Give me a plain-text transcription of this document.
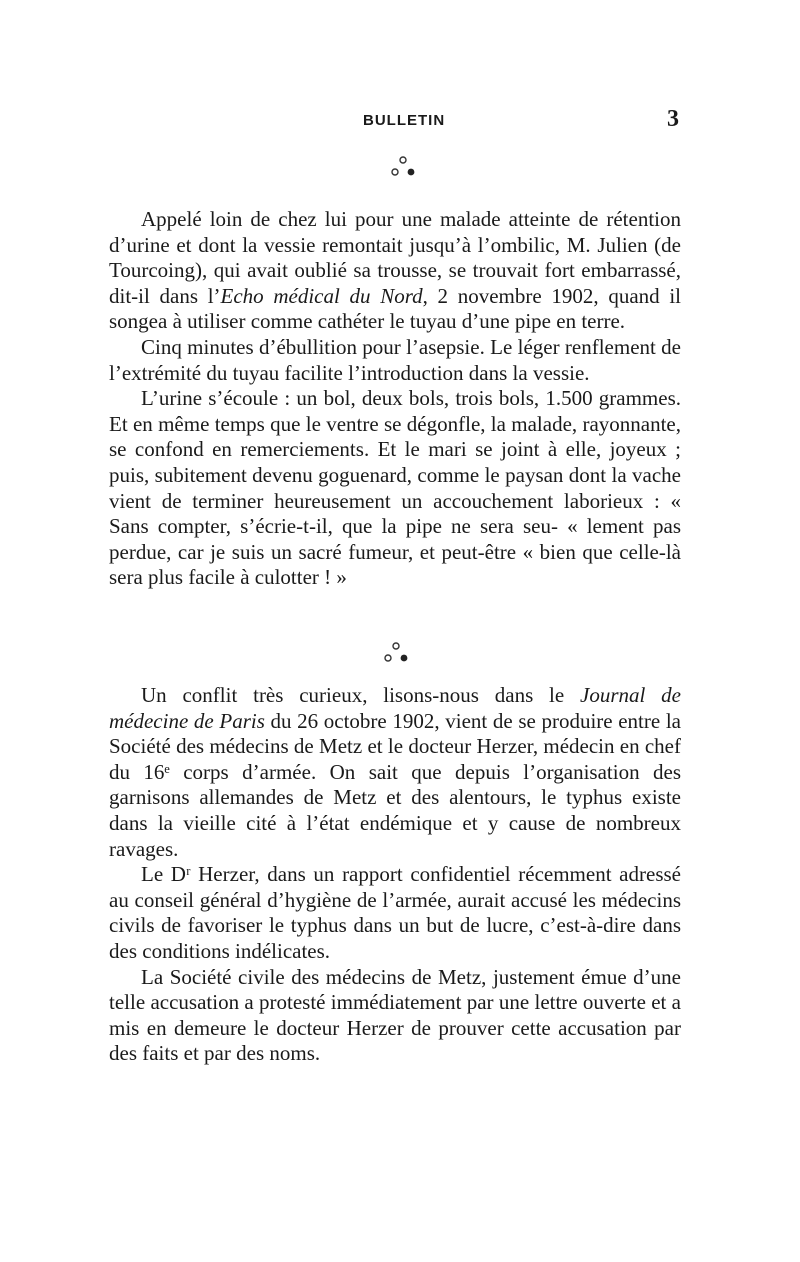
BULLETIN	3

Appelé loin de chez lui pour une malade atteinte de rétention d’urine et dont la vessie remontait jusqu’à l’ombilic, M. Julien (de Tourcoing), qui avait oublié sa trousse, se trouvait fort embarrassé, dit-il dans l’Echo médical du Nord, 2 novembre 1902, quand il songea à utiliser comme cathéter le tuyau d’une pipe en terre.

Cinq minutes d’ébullition pour l’asepsie. Le léger renflement de l’extrémité du tuyau facilite l’introduction dans la vessie.

L’urine s’écoule : un bol, deux bols, trois bols, 1.500 grammes. Et en même temps que le ventre se dégonfle, la malade, rayonnante, se confond en remerciements. Et le mari se joint à elle, joyeux ; puis, subitement devenu goguenard, comme le paysan dont la vache vient de terminer heureusement un accouchement laborieux : « Sans compter, s’écrie-t-il, que la pipe ne sera seu- « lement pas perdue, car je suis un sacré fumeur, et peut-être « bien que celle-là sera plus facile à culotter ! »

Un conflit très curieux, lisons-nous dans le Journal de médecine de Paris du 26 octobre 1902, vient de se produire entre la Société des médecins de Metz et le docteur Herzer, médecin en chef du 16ᵉ corps d’armée. On sait que depuis l’organisation des garnisons allemandes de Metz et des alentours, le typhus existe dans la vieille cité à l’état endémique et y cause de nombreux ravages.

Le Dʳ Herzer, dans un rapport confidentiel récemment adressé au conseil général d’hygiène de l’armée, aurait accusé les médecins civils de favoriser le typhus dans un but de lucre, c’est-à-dire dans des conditions indélicates.

La Société civile des médecins de Metz, justement émue d’une telle accusation a protesté immédiatement par une lettre ouverte et a mis en demeure le docteur Herzer de prouver cette accusation par des faits et par des noms.
